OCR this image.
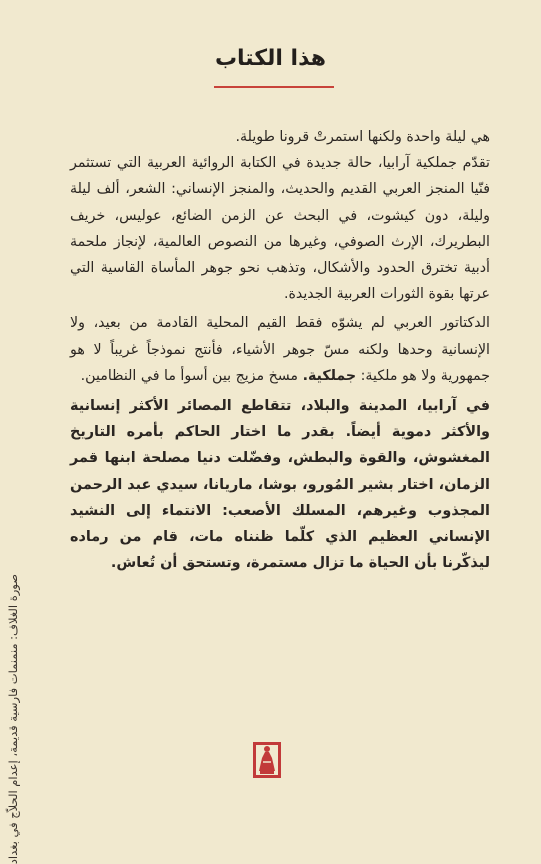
هذا الكتاب

هي ليلة واحدة ولكنها استمرتْ قرونا طويلة.

تقدّم جملكية آرابيا، حالة جديدة في الكتابة الروائية العربية التي تستثمر فنّيا المنجز العربي القديم والحديث، والمنجز الإنساني: الشعر، ألف ليلة وليلة، دون كيشوت، في البحث عن الزمن الضائع، عوليس، خريف البطريرك، الإرث الصوفي، وغيرها من النصوص العالمية، لإنجاز ملحمة أدبية تخترق الحدود والأشكال، وتذهب نحو جوهر المأساة القاسية التي عرتها بقوة الثورات العربية الجديدة.

الدكتاتور العربي لم يشوّه فقط القيم المحلية القادمة من بعيد، ولا الإنسانية وحدها ولكنه مسّ جوهر الأشياء، فأنتج نموذجاً غريباً لا هو جمهورية ولا هو ملكية: جملكية. مسخ مزيج بين أسوأ ما في النظامين.

في آرابيا، المدينة والبلاد، تتقاطع المصائر الأكثر إنسانية والأكثر دموية أيضاً. بقدر ما اختار الحاكم بأمره التاريخ المغشوش، والقوة والبطش، وفضّلت دنيا مصلحة ابنها قمر الزمان، اختار بشير المُورو، بوشا، ماريانا، سيدي عبد الرحمن المجذوب وغيرهم، المسلك الأصعب: الانتماء إلى النشيد الإنساني العظيم الذي كلّما ظنناه مات، قام من رماده ليذكّرنا بأن الحياة ما تزال مستمرة، وتستحق أن تُعاش.

صورة الغلاف: منمنمات فارسية قديمة، إعدام الحلاّج في بغداد
